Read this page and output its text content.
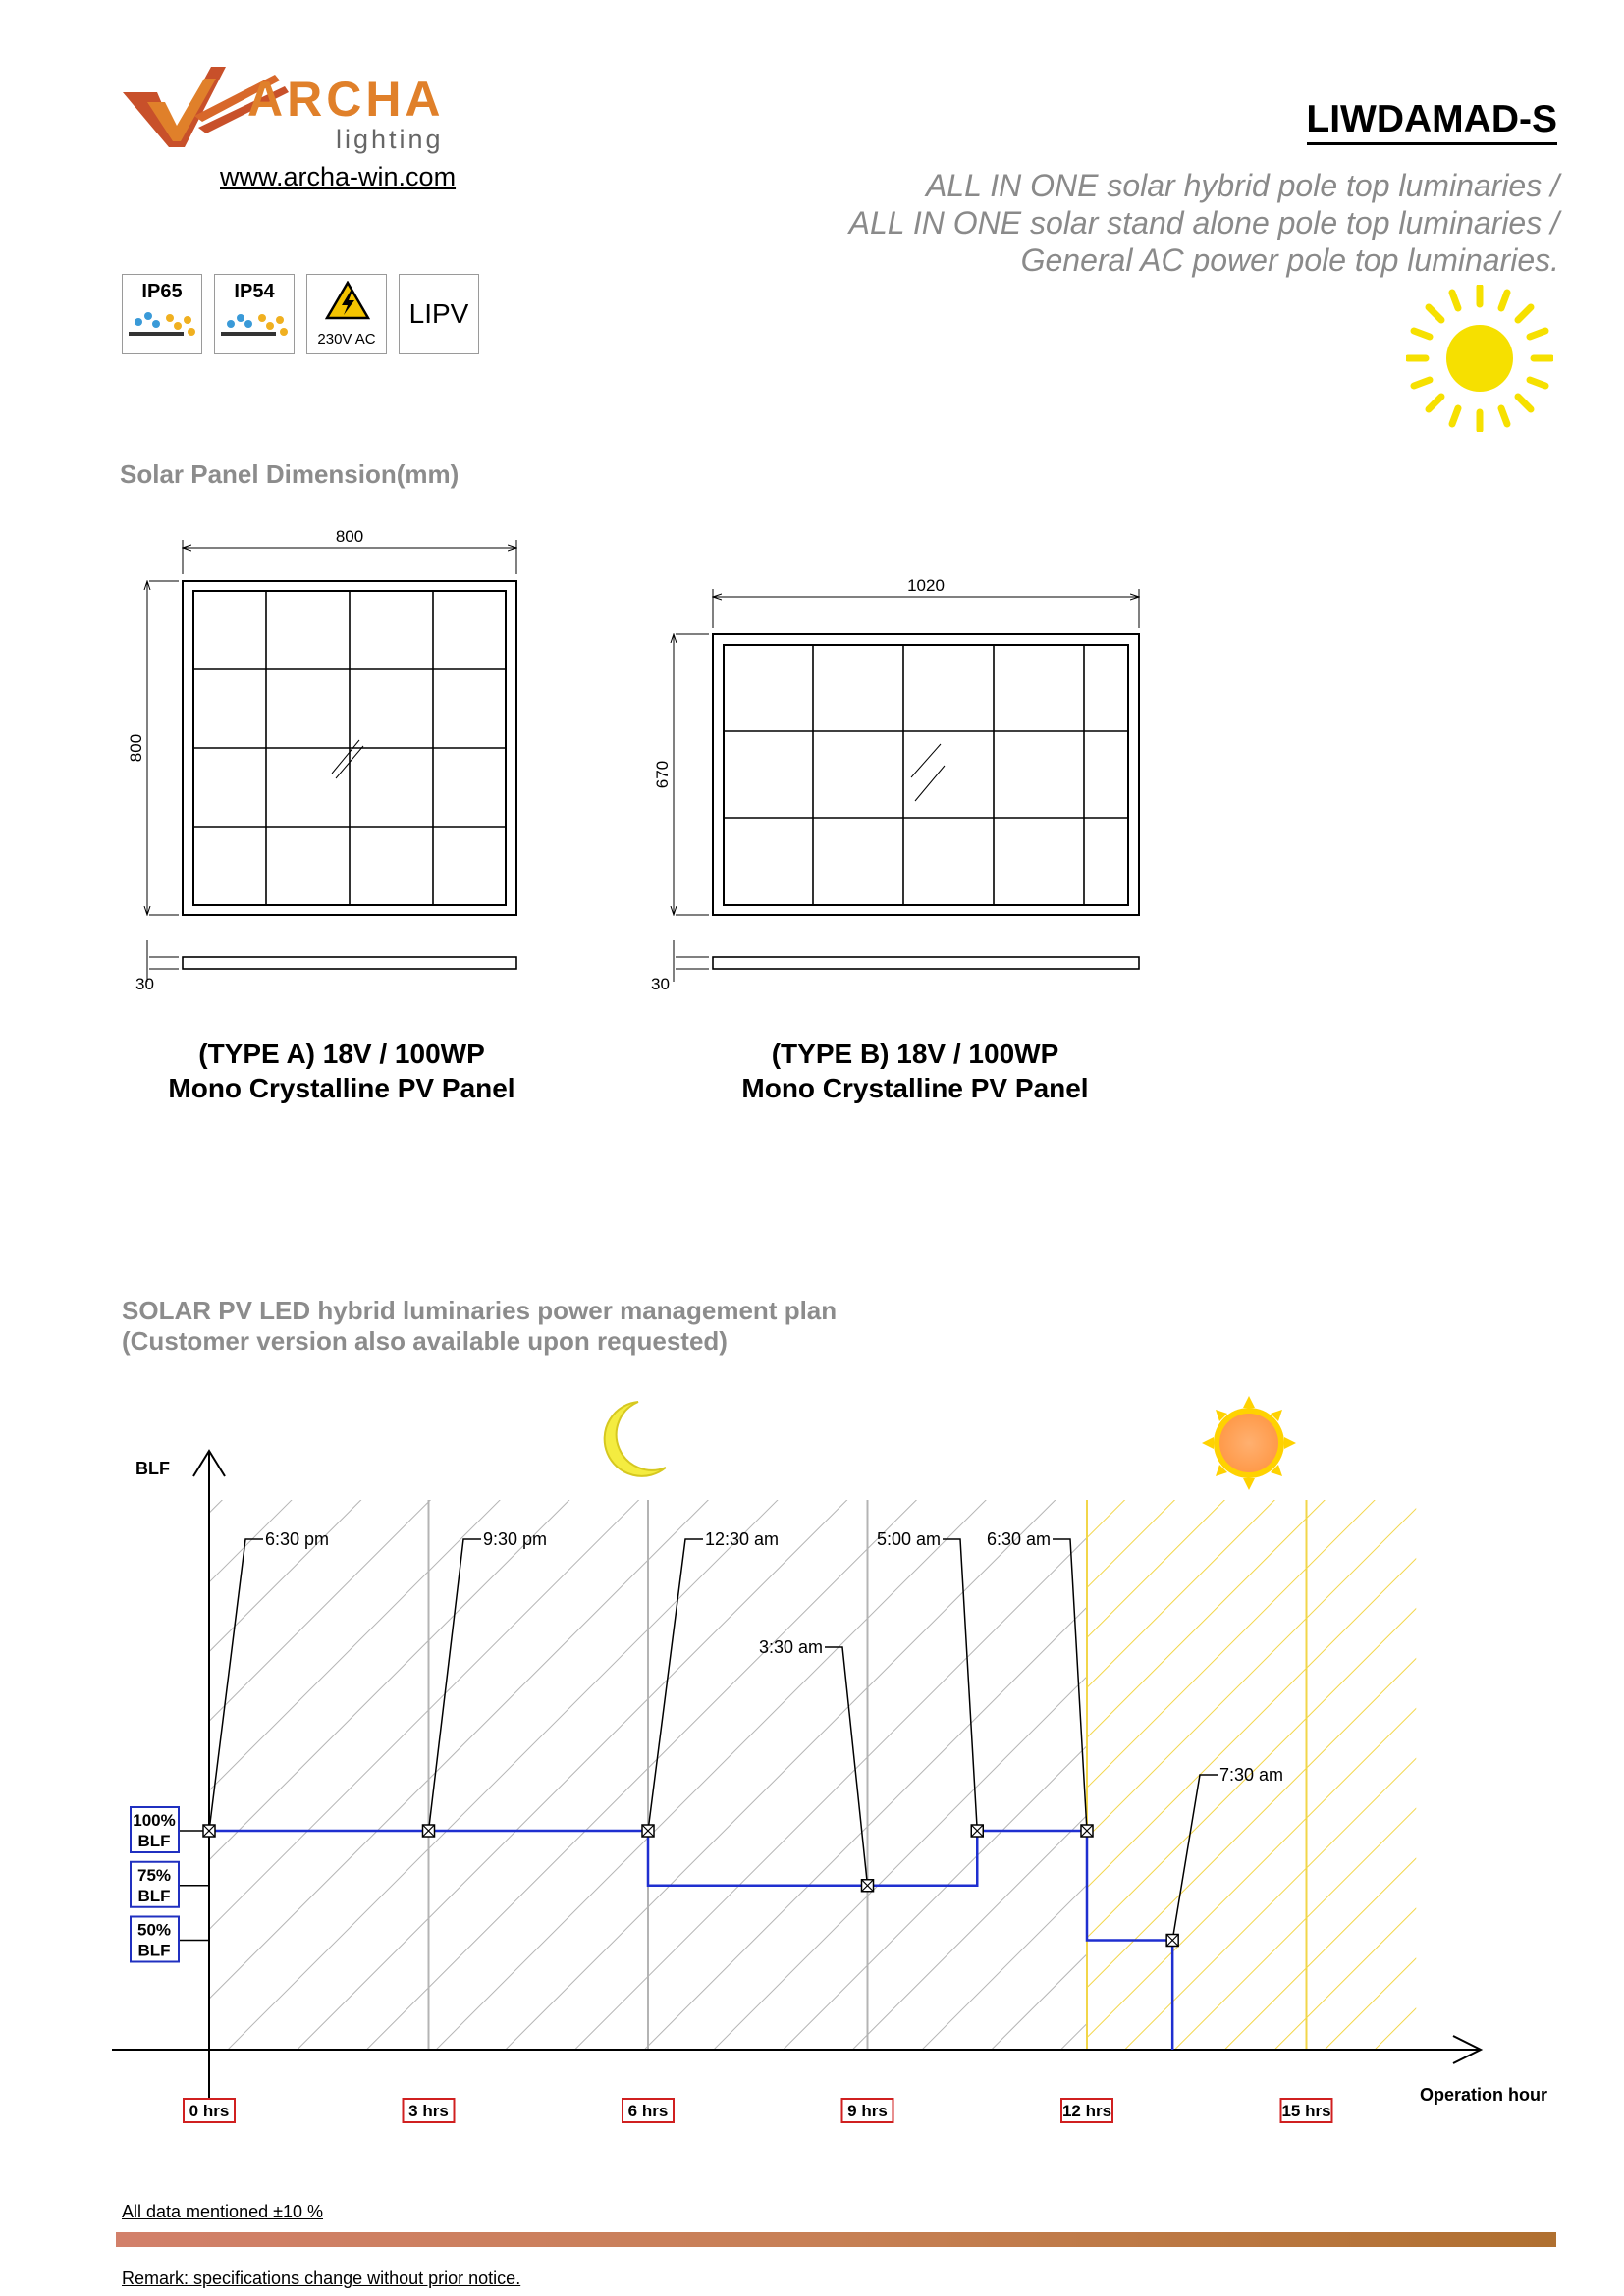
ARCHA
lighting
www.archa-win.com
LIWDAMAD-S
ALL IN ONE solar hybrid pole top luminaries /
ALL IN ONE solar stand alone pole top luminaries /
General AC power pole top luminaries.
IP65	IP54
230V AC
LIPV
Solar Panel Dimension(mm)
800
800
30
1020
670
30
(TYPE A) 18V / 100WP
Mono Crystalline PV Panel
(TYPE B) 18V / 100WP
Mono Crystalline PV Panel
SOLAR PV LED hybrid luminaries power management plan
(Customer version also available upon requested)
BLF
Operation hour
100%
BLF
75%
BLF
50%
BLF
0 hrs	3 hrs	6 hrs	9 hrs	12 hrs	15 hrs
6:30 pm	9:30 pm	12:30 am
3:30 am
5:00 am	6:30 am
7:30 am
All data mentioned ±10 %
Remark: specifications change without prior notice.
